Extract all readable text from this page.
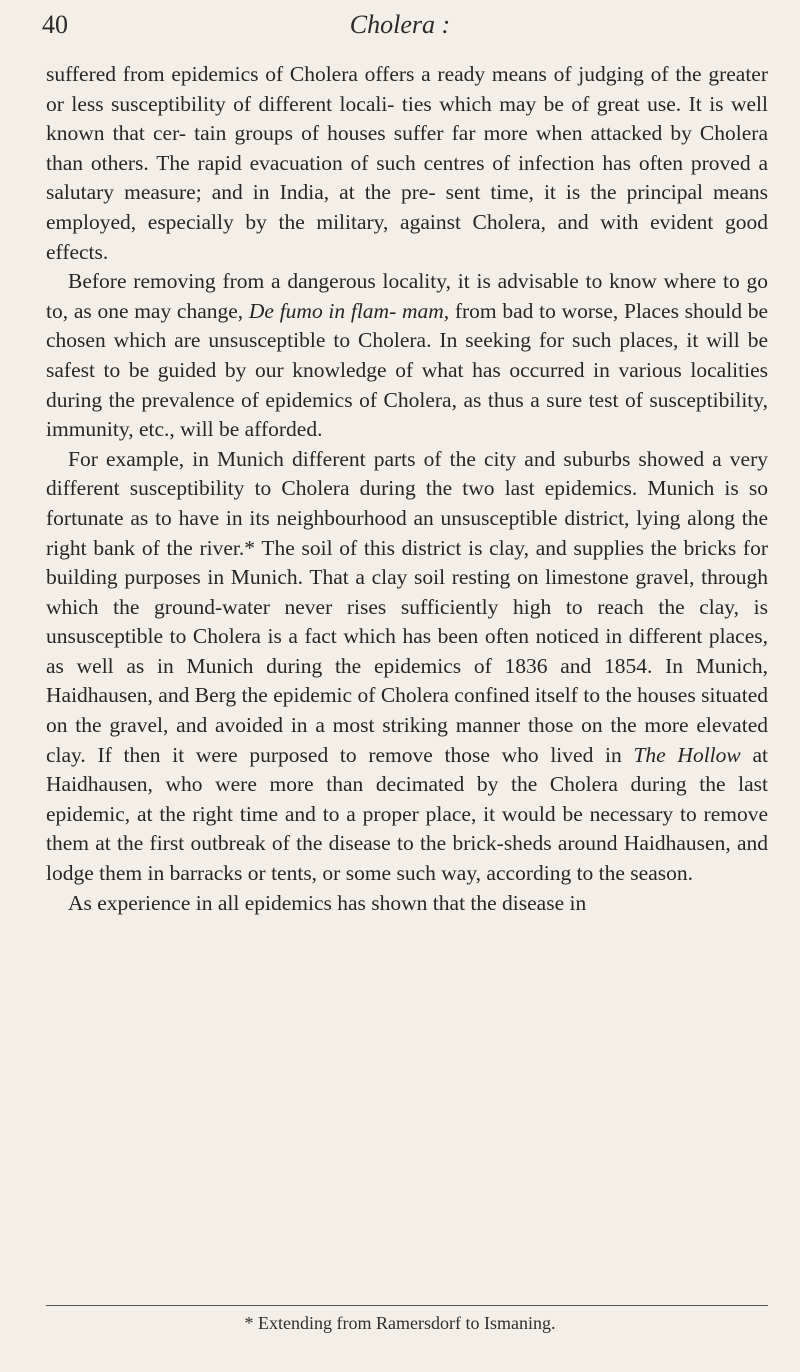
40	Cholera :

suffered from epidemics of Cholera offers a ready means of judging of the greater or less susceptibility of different locali- ties which may be of great use. It is well known that cer- tain groups of houses suffer far more when attacked by Cholera than others. The rapid evacuation of such centres of infection has often proved a salutary measure; and in India, at the pre- sent time, it is the principal means employed, especially by the military, against Cholera, and with evident good effects.

Before removing from a dangerous locality, it is advisable to know where to go to, as one may change, De fumo in flam- mam, from bad to worse, Places should be chosen which are unsusceptible to Cholera. In seeking for such places, it will be safest to be guided by our knowledge of what has occurred in various localities during the prevalence of epidemics of Cholera, as thus a sure test of susceptibility, immunity, etc., will be afforded.

For example, in Munich different parts of the city and suburbs showed a very different susceptibility to Cholera during the two last epidemics. Munich is so fortunate as to have in its neighbourhood an unsusceptible district, lying along the right bank of the river.* The soil of this district is clay, and supplies the bricks for building purposes in Munich. That a clay soil resting on limestone gravel, through which the ground-water never rises sufficiently high to reach the clay, is unsusceptible to Cholera is a fact which has been often noticed in different places, as well as in Munich during the epidemics of 1836 and 1854. In Munich, Haidhausen, and Berg the epidemic of Cholera confined itself to the houses situated on the gravel, and avoided in a most striking manner those on the more elevated clay. If then it were purposed to remove those who lived in The Hollow at Haidhausen, who were more than decimated by the Cholera during the last epidemic, at the right time and to a proper place, it would be necessary to remove them at the first outbreak of the disease to the brick-sheds around Haidhausen, and lodge them in barracks or tents, or some such way, according to the season.

As experience in all epidemics has shown that the disease in

* Extending from Ramersdorf to Ismaning.
